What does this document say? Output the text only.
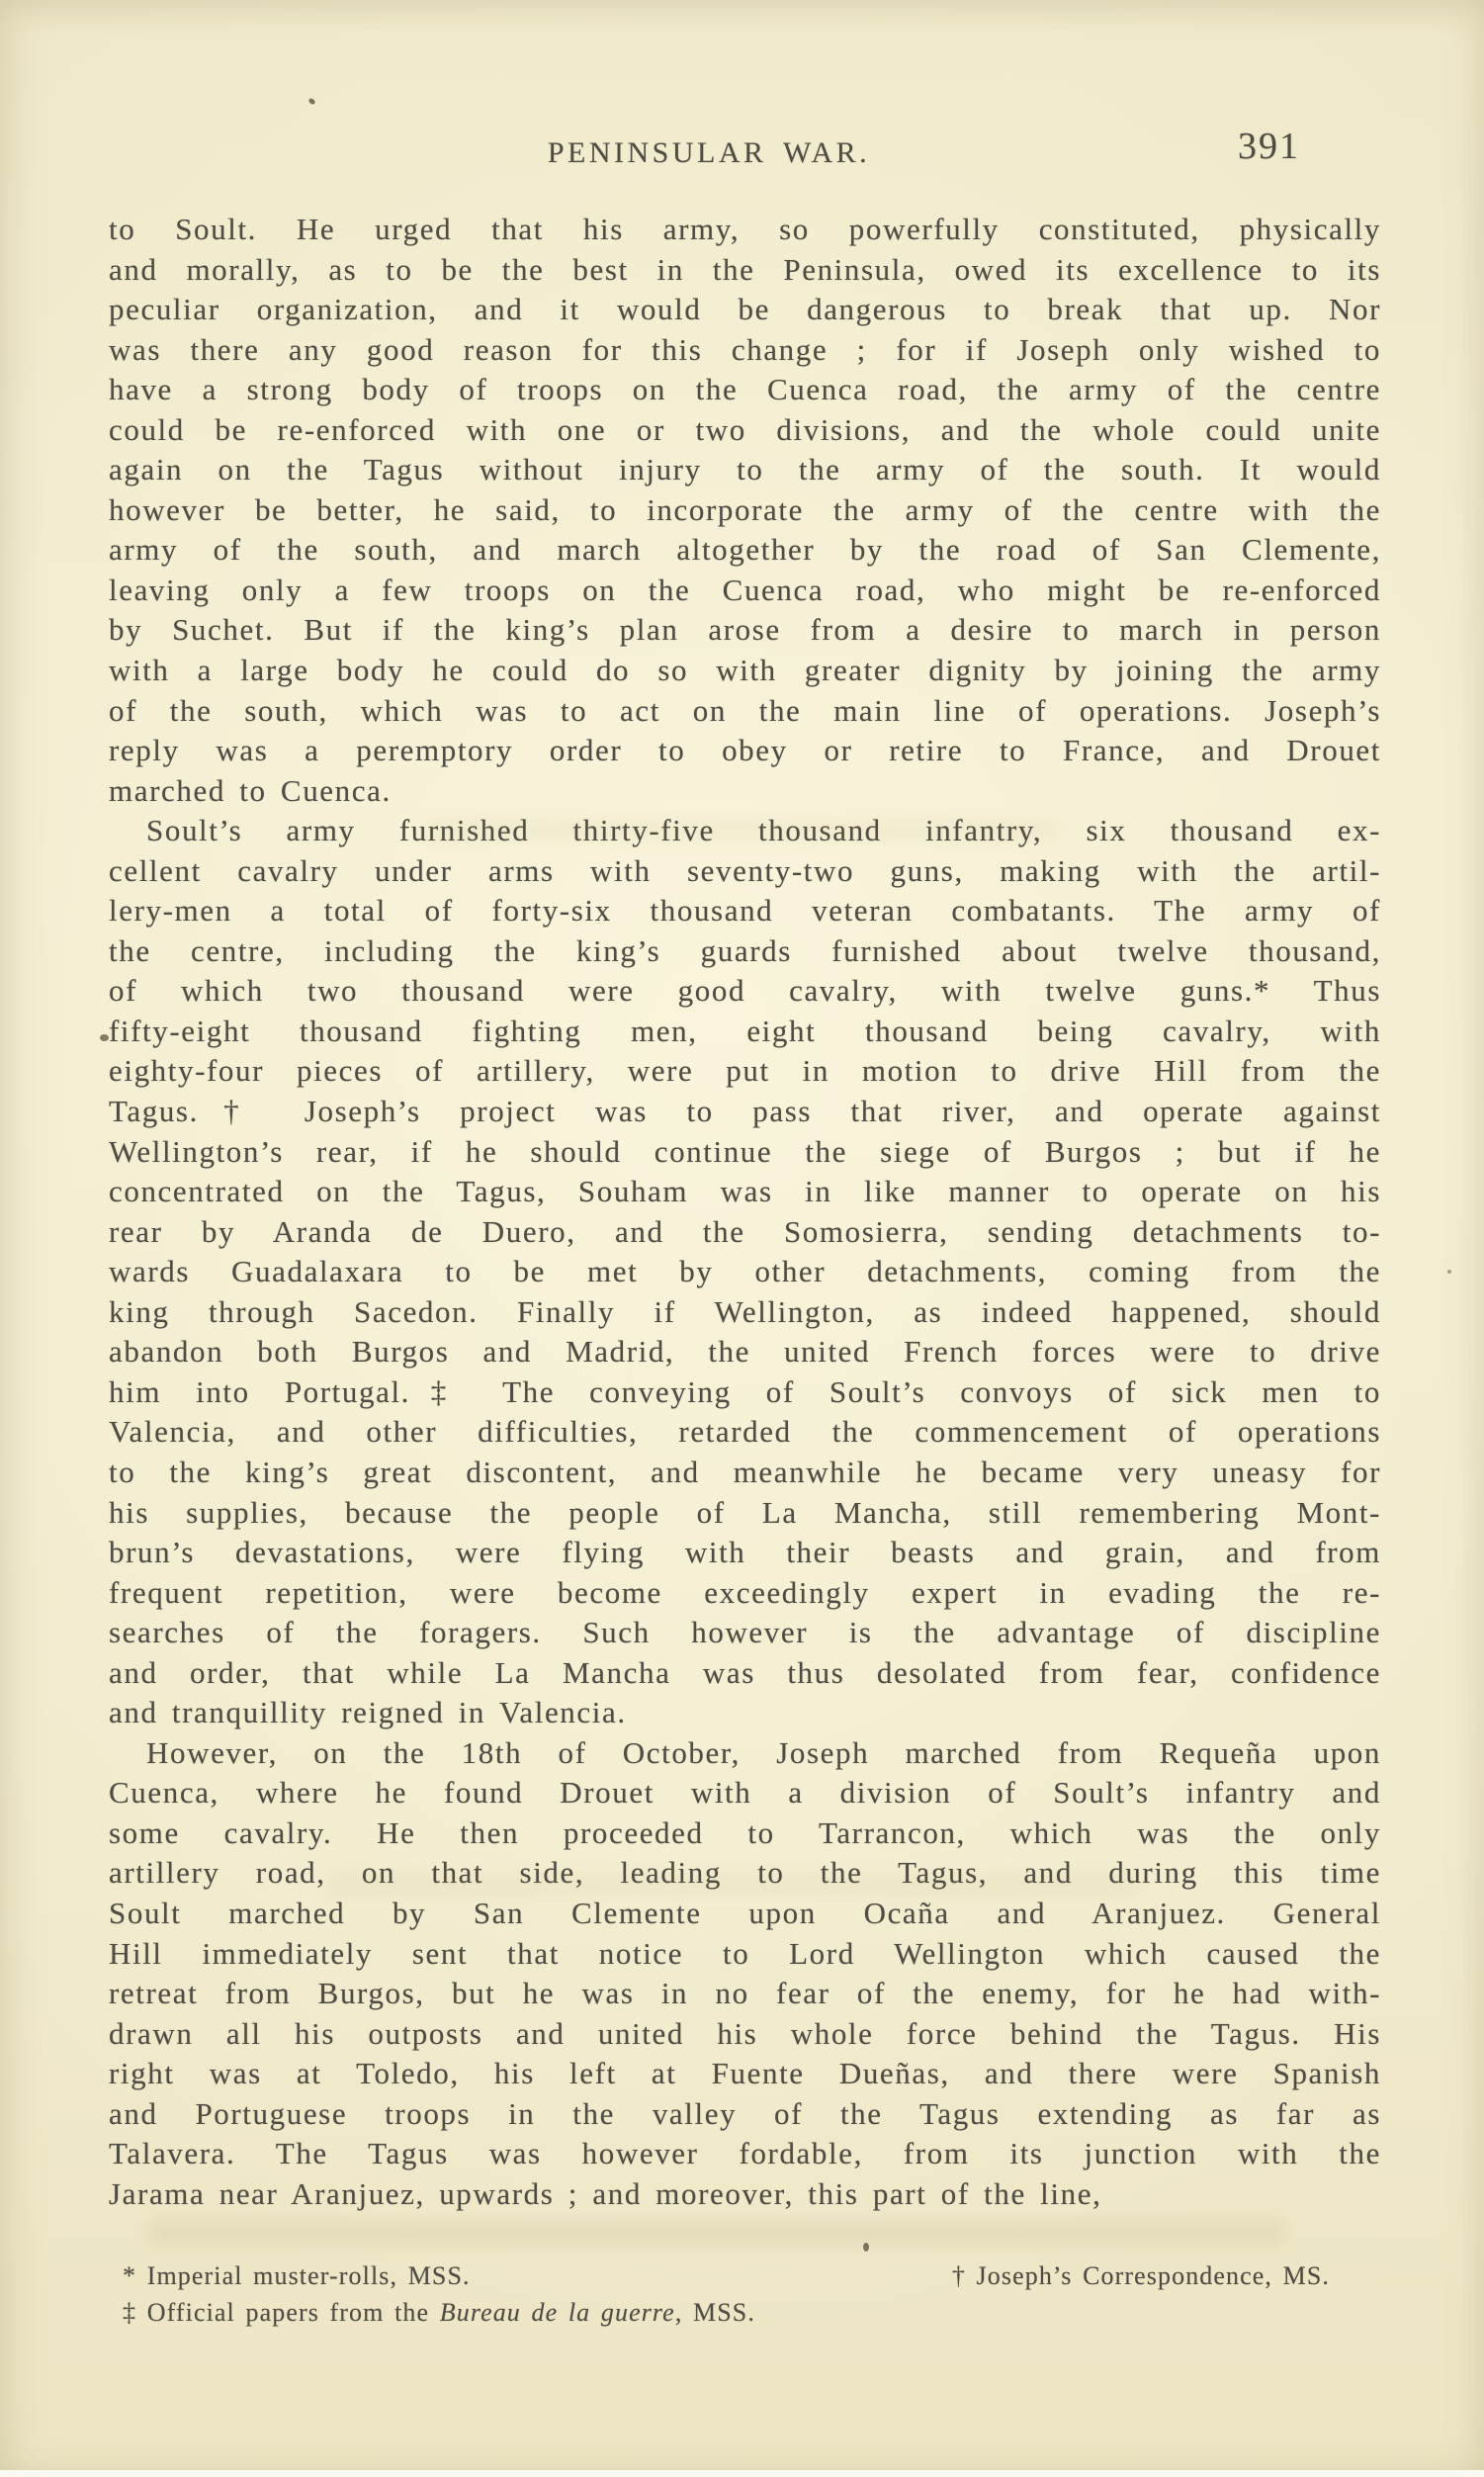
PENINSULAR WAR.	391
to Soult. He urged that his army, so powerfully constituted, physically
and morally, as to be the best in the Peninsula, owed its excellence to its
peculiar organization, and it would be dangerous to break that up. Nor
was there any good reason for this change ; for if Joseph only wished to
have a strong body of troops on the Cuenca road, the army of the centre
could be re-enforced with one or two divisions, and the whole could unite
again on the Tagus without injury to the army of the south. It would
however be better, he said, to incorporate the army of the centre with the
army of the south, and march altogether by the road of San Clemente,
leaving only a few troops on the Cuenca road, who might be re-enforced
by Suchet. But if the king’s plan arose from a desire to march in person
with a large body he could do so with greater dignity by joining the army
of the south, which was to act on the main line of operations. Joseph’s
reply was a peremptory order to obey or retire to France, and Drouet
marched to Cuenca.
Soult’s army furnished thirty-five thousand infantry, six thousand ex-
cellent cavalry under arms with seventy-two guns, making with the artil-
lery-men a total of forty-six thousand veteran combatants. The army of
the centre, including the king’s guards furnished about twelve thousand,
of which two thousand were good cavalry, with twelve guns.* Thus
fifty-eight thousand fighting men, eight thousand being cavalry, with
eighty-four pieces of artillery, were put in motion to drive Hill from the
Tagus.† Joseph’s project was to pass that river, and operate against
Wellington’s rear, if he should continue the siege of Burgos ; but if he
concentrated on the Tagus, Souham was in like manner to operate on his
rear by Aranda de Duero, and the Somosierra, sending detachments to-
wards Guadalaxara to be met by other detachments, coming from the
king through Sacedon. Finally if Wellington, as indeed happened, should
abandon both Burgos and Madrid, the united French forces were to drive
him into Portugal.‡ The conveying of Soult’s convoys of sick men to
Valencia, and other difficulties, retarded the commencement of operations
to the king’s great discontent, and meanwhile he became very uneasy for
his supplies, because the people of La Mancha, still remembering Mont-
brun’s devastations, were flying with their beasts and grain, and from
frequent repetition, were become exceedingly expert in evading the re-
searches of the foragers. Such however is the advantage of discipline
and order, that while La Mancha was thus desolated from fear, confidence
and tranquillity reigned in Valencia.
However, on the 18th of October, Joseph marched from Requeña upon
Cuenca, where he found Drouet with a division of Soult’s infantry and
some cavalry. He then proceeded to Tarrancon, which was the only
artillery road, on that side, leading to the Tagus, and during this time
Soult marched by San Clemente upon Ocaña and Aranjuez. General
Hill immediately sent that notice to Lord Wellington which caused the
retreat from Burgos, but he was in no fear of the enemy, for he had with-
drawn all his outposts and united his whole force behind the Tagus. His
right was at Toledo, his left at Fuente Dueñas, and there were Spanish
and Portuguese troops in the valley of the Tagus extending as far as
Talavera. The Tagus was however fordable, from its junction with the
Jarama near Aranjuez, upwards ; and moreover, this part of the line,
* Imperial muster-rolls, MSS.	† Joseph’s Correspondence, MS.
‡ Official papers from the Bureau de la guerre, MSS.
